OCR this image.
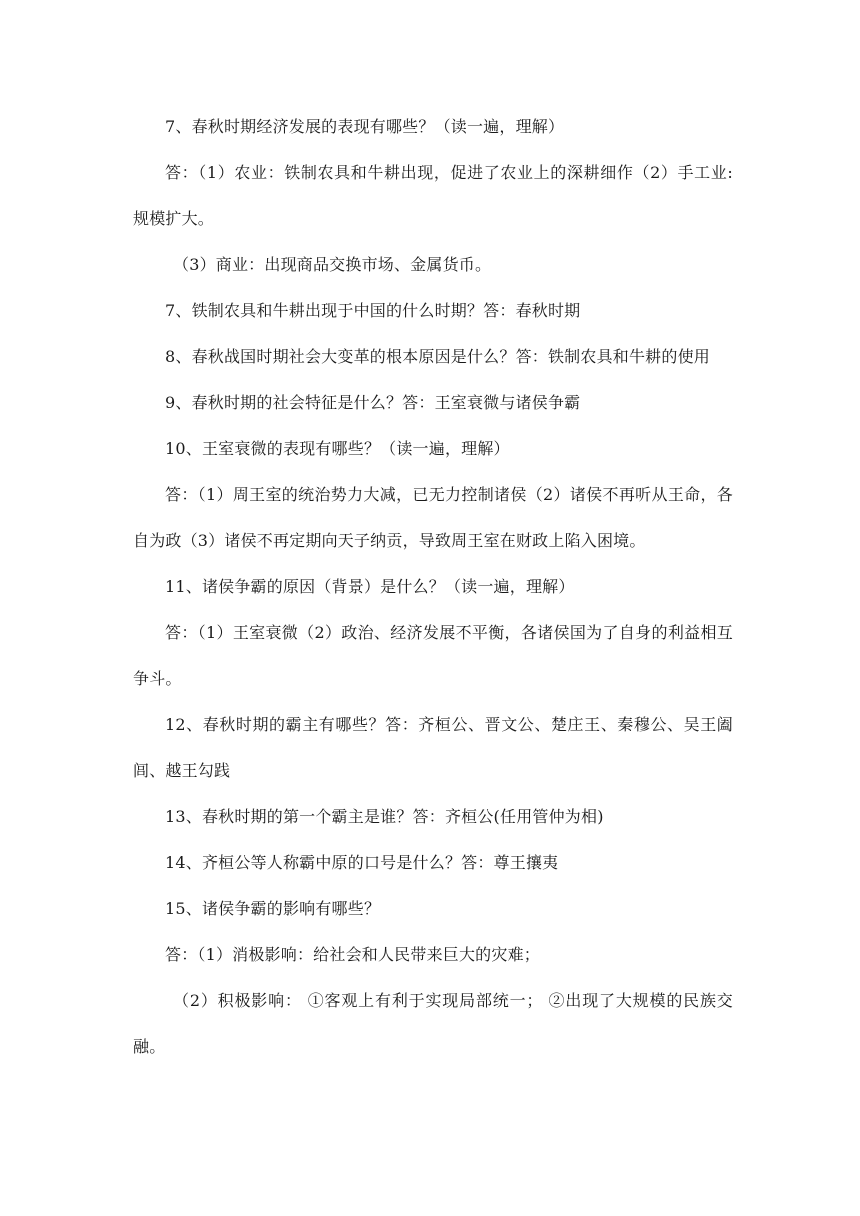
7、春秋时期经济发展的表现有哪些？（读一遍，理解）

答：（1）农业：铁制农具和牛耕出现，促进了农业上的深耕细作（2）手工业:规模扩大。

（3）商业：出现商品交换市场、金属货币。

7、铁制农具和牛耕出现于中国的什么时期？答：春秋时期

8、春秋战国时期社会大变革的根本原因是什么？答：铁制农具和牛耕的使用

9、春秋时期的社会特征是什么？答：王室衰微与诸侯争霸

10、王室衰微的表现有哪些？（读一遍，理解）

答：（1）周王室的统治势力大减，已无力控制诸侯（2）诸侯不再听从王命，各自为政（3）诸侯不再定期向天子纳贡，导致周王室在财政上陷入困境。

11、诸侯争霸的原因（背景）是什么？（读一遍，理解）

答：（1）王室衰微（2）政治、经济发展不平衡，各诸侯国为了自身的利益相互争斗。

12、春秋时期的霸主有哪些？答：齐桓公、晋文公、楚庄王、秦穆公、吴王阖闾、越王勾践

13、春秋时期的第一个霸主是谁？答：齐桓公(任用管仲为相)

14、齐桓公等人称霸中原的口号是什么？答：尊王攘夷

15、诸侯争霸的影响有哪些？

答：（1）消极影响：给社会和人民带来巨大的灾难；

（2）积极影响： ①客观上有利于实现局部统一； ②出现了大规模的民族交融。
